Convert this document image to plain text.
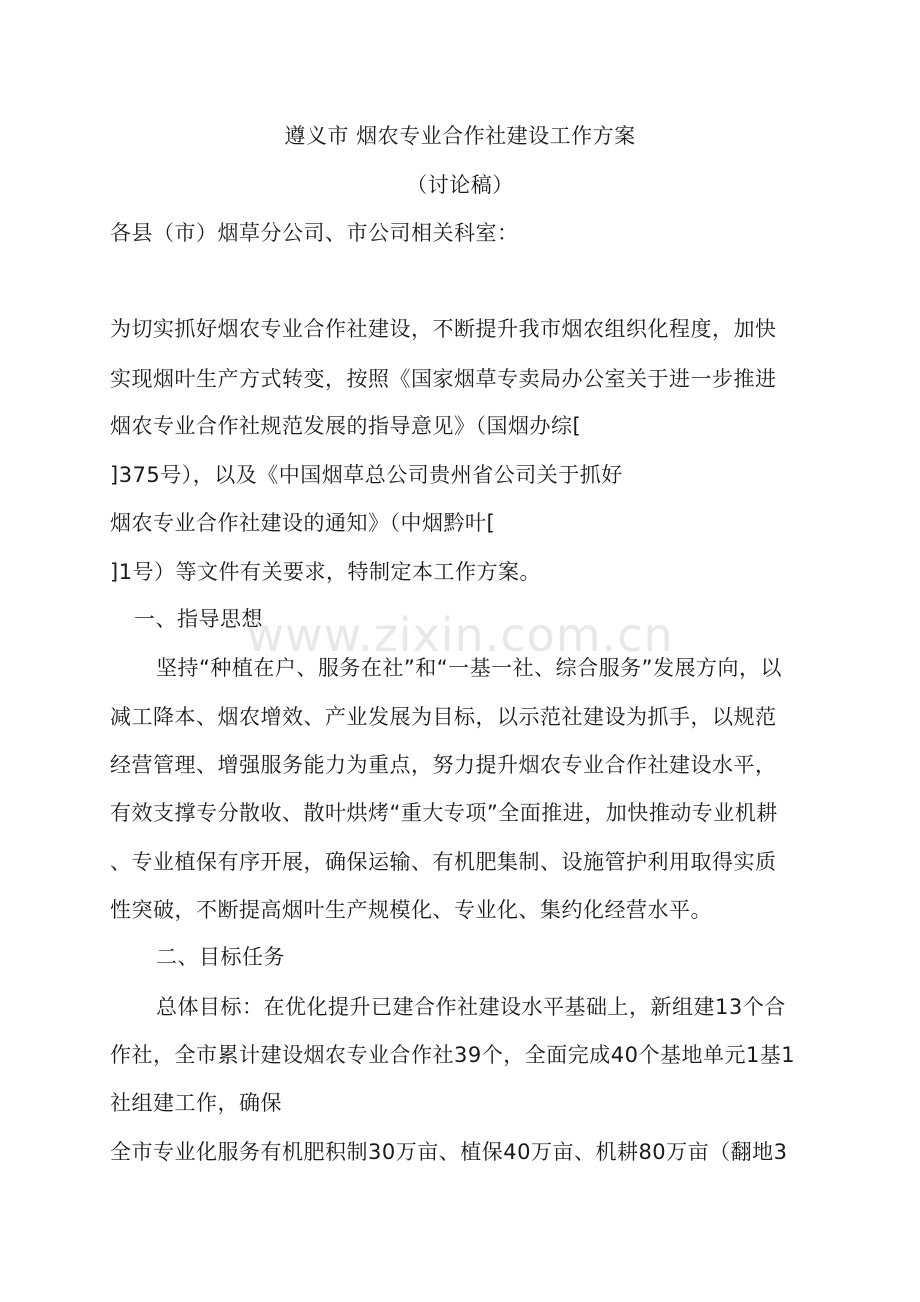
遵义市 烟农专业合作社建设工作方案
（讨论稿）
各县（市）烟草分公司、市公司相关科室：
为切实抓好烟农专业合作社建设，不断提升我市烟农组织化程度，加快
实现烟叶生产方式转变，按照《国家烟草专卖局办公室关于进一步推进
烟农专业合作社规范发展的指导意见》（国烟办综[
]375号），以及《中国烟草总公司贵州省公司关于抓好
烟农专业合作社建设的通知》（中烟黔叶[
]1号）等文件有关要求，特制定本工作方案。
一、指导思想
坚持“种植在户、服务在社”和“一基一社、综合服务”发展方向，以
减工降本、烟农增效、产业发展为目标，以示范社建设为抓手，以规范
经营管理、增强服务能力为重点，努力提升烟农专业合作社建设水平，
有效支撑专分散收、散叶烘烤“重大专项”全面推进，加快推动专业机耕
、专业植保有序开展，确保运输、有机肥集制、设施管护利用取得实质
性突破，不断提高烟叶生产规模化、专业化、集约化经营水平。
二、目标任务
总体目标：在优化提升已建合作社建设水平基础上，新组建13个合
作社，全市累计建设烟农专业合作社39个，全面完成40个基地单元1基1
社组建工作，确保
全市专业化服务有机肥积制30万亩、植保40万亩、机耕80万亩（翻地3
www.zixin.com.cn
